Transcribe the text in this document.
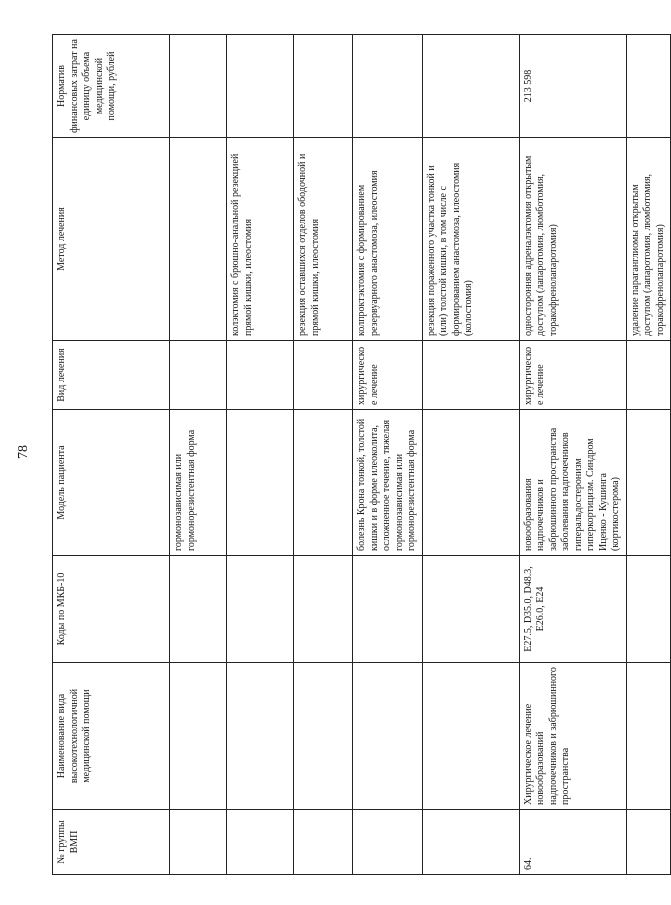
78
№ группы ВМП	Наименование вида высокотехнологичной медицинской помощи	Коды по МКБ-10	Модель пациента	Вид лечения	Метод лечения	Норматив финансовых затрат на единицу объема медицинской помощи, рублей
			гормонозависимая или гормонорезистентная форма			
					колэктомия с брюшно-анальной резекцией прямой кишки, илеостомия	
					резекция оставшихся отделов ободочной и прямой кишки, илеостомия	
			болезнь Крона тонкой, толстой кишки и в форме илеоколита, осложненное течение, тяжелая гормонозависимая или гормонорезистентная форма	хирургическое лечение	колпроктэктомия с формированием резервуарного анастомоза, илеостомия	
					резекция пораженного участка тонкой и (или) толстой кишки, в том числе с формированием анастомоза, илеостомия (колостомия)	
64.	Хирургическое лечение новообразований надпочечников и забрюшинного пространства	E27.5, D35.0, D48.3, E26.0, E24	новообразования надпочечников и забрюшинного пространства заболевания надпочечников гиперальдостеронизм гиперкортицизм. Синдром Иценко - Кушинга (кортикостерома)	хирургическое лечение	односторонняя адреналэктомия открытым доступом (лапаротомия, люмботомия, торакофренолапаротомия)	213 598
					удаление параганглиомы открытым доступом (лапаротомия, люмботомия, торакофренолапаротомия)	
